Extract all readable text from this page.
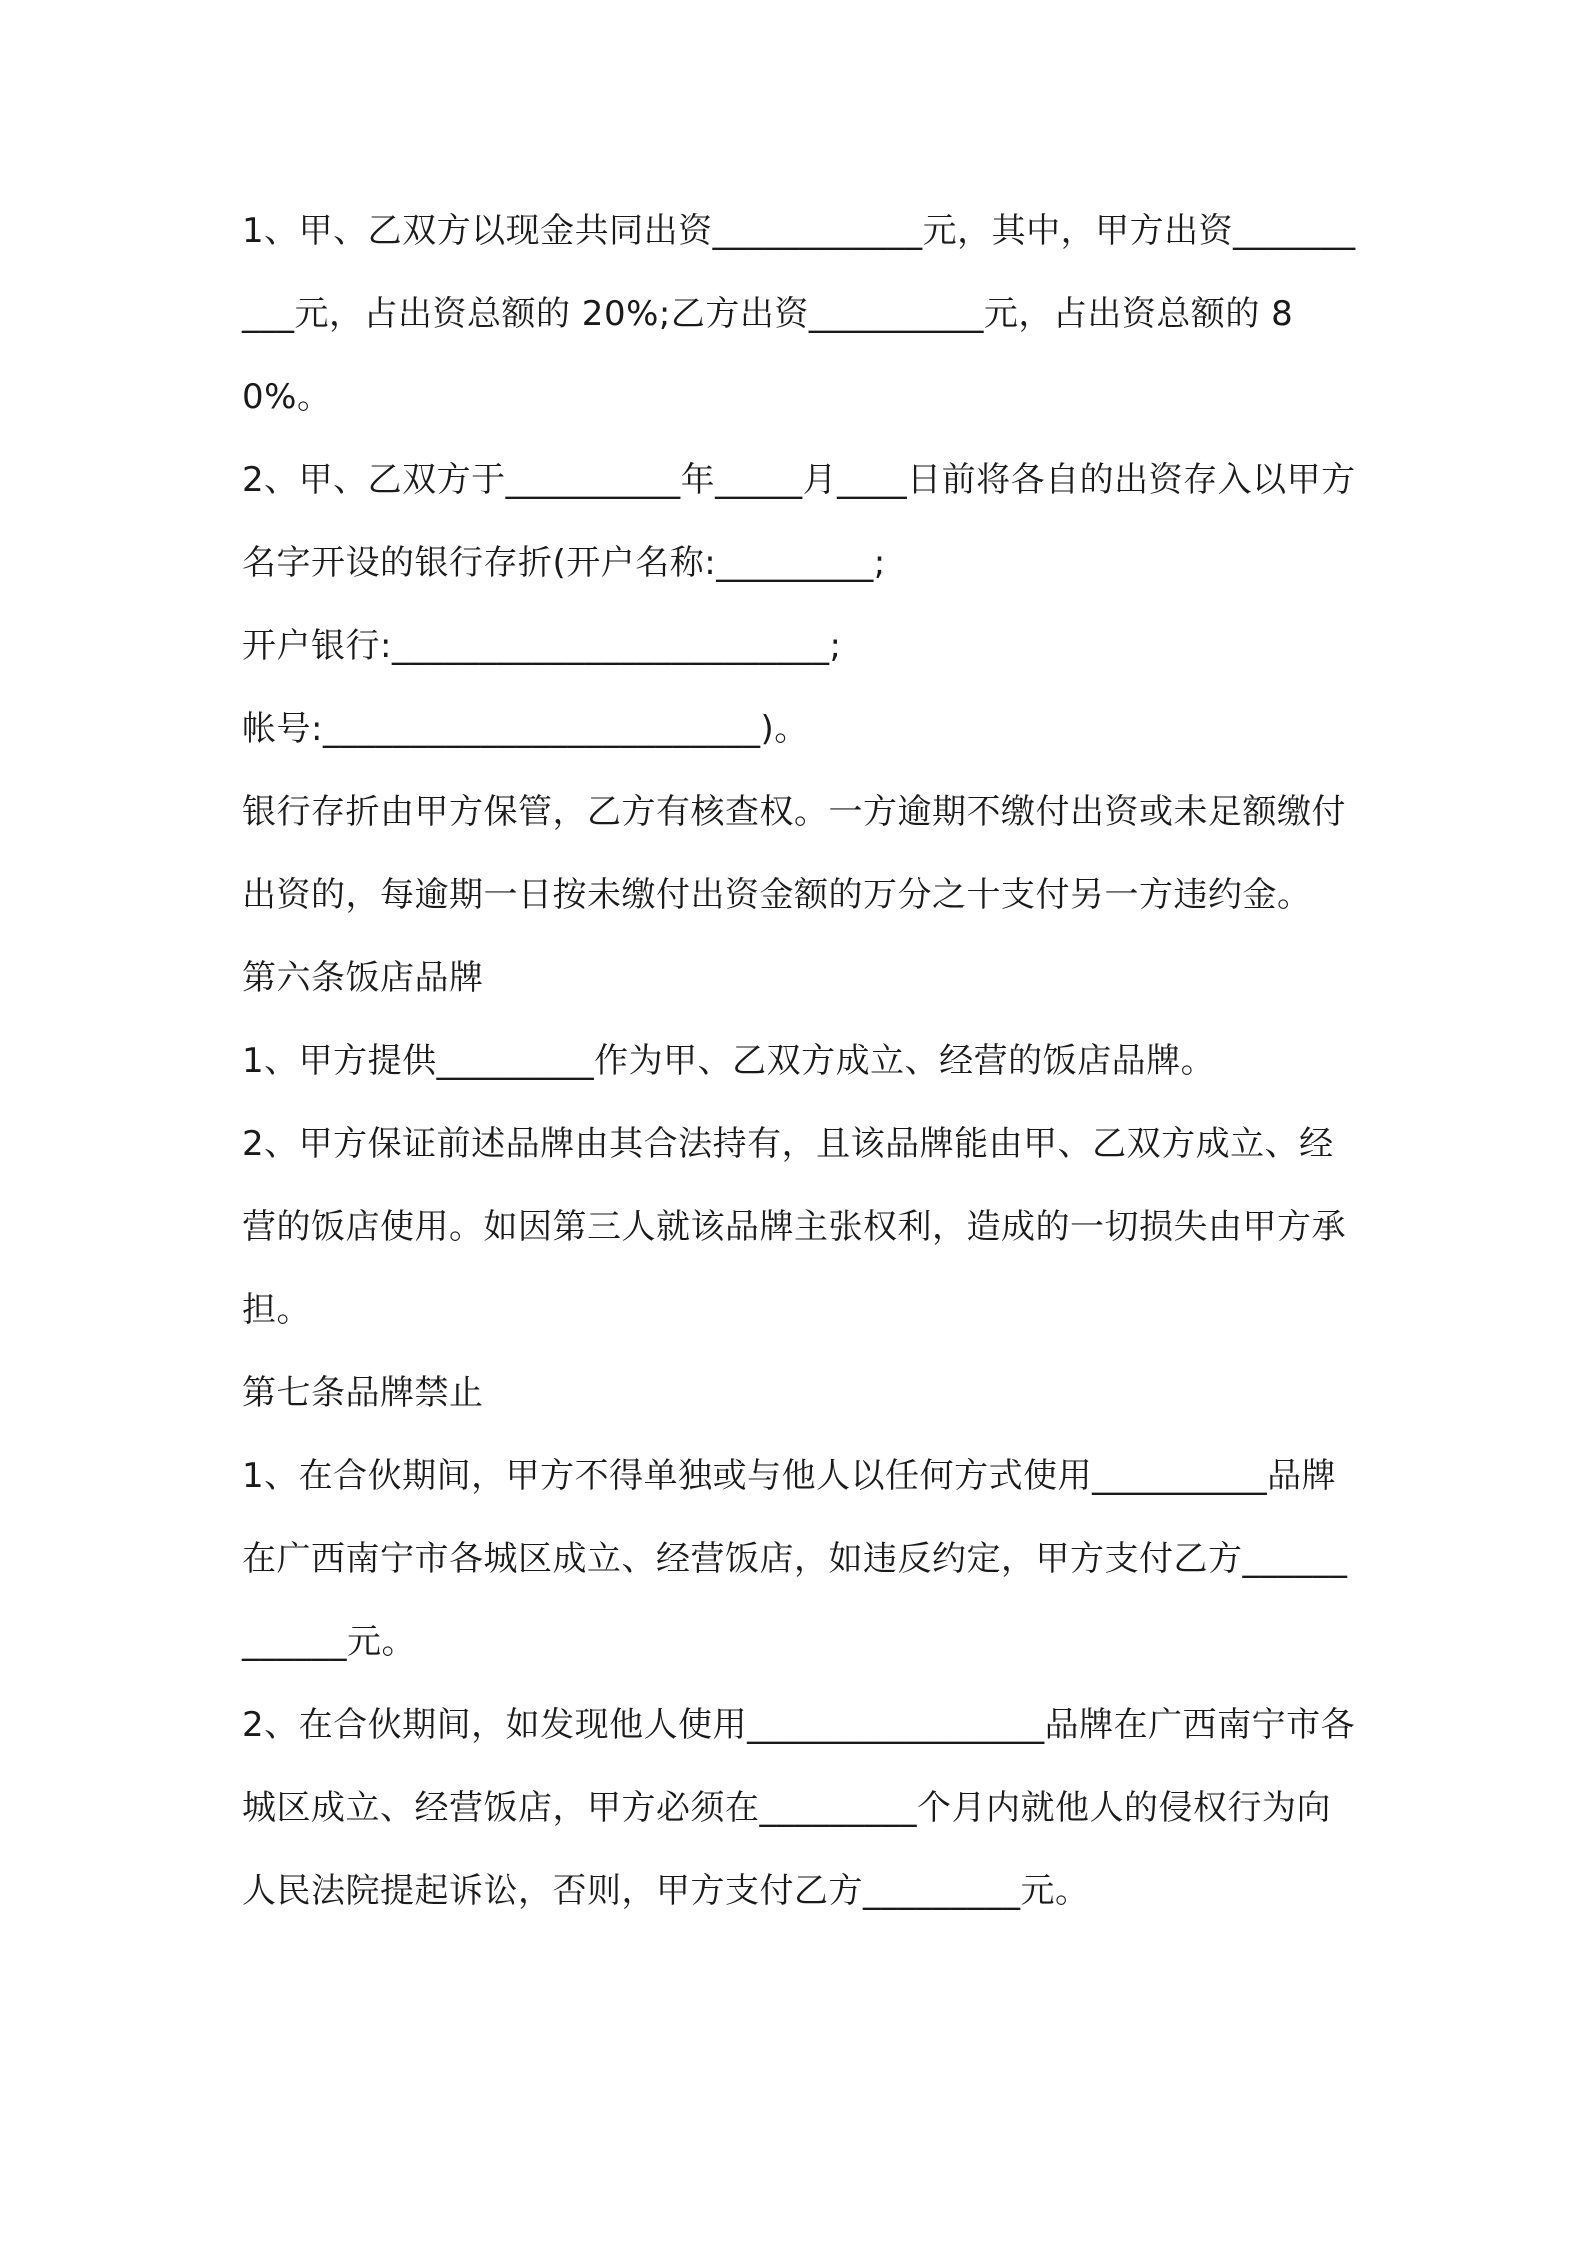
1、甲、乙双方以现金共同出资____________元，其中，甲方出资__________元，占出资总额的 20%;乙方出资__________元，占出资总额的 80%。

2、甲、乙双方于__________年_____月____日前将各自的出资存入以甲方名字开设的银行存折(开户名称:_________;

开户银行:_________________________;

帐号:_________________________)。

银行存折由甲方保管，乙方有核查权。一方逾期不缴付出资或未足额缴付出资的，每逾期一日按未缴付出资金额的万分之十支付另一方违约金。

第六条饭店品牌

1、甲方提供_________作为甲、乙双方成立、经营的饭店品牌。

2、甲方保证前述品牌由其合法持有，且该品牌能由甲、乙双方成立、经营的饭店使用。如因第三人就该品牌主张权利，造成的一切损失由甲方承担。

第七条品牌禁止

1、在合伙期间，甲方不得单独或与他人以任何方式使用__________品牌在广西南宁市各城区成立、经营饭店，如违反约定，甲方支付乙方____________元。

2、在合伙期间，如发现他人使用_________________品牌在广西南宁市各城区成立、经营饭店，甲方必须在_________个月内就他人的侵权行为向人民法院提起诉讼，否则，甲方支付乙方_________元。
